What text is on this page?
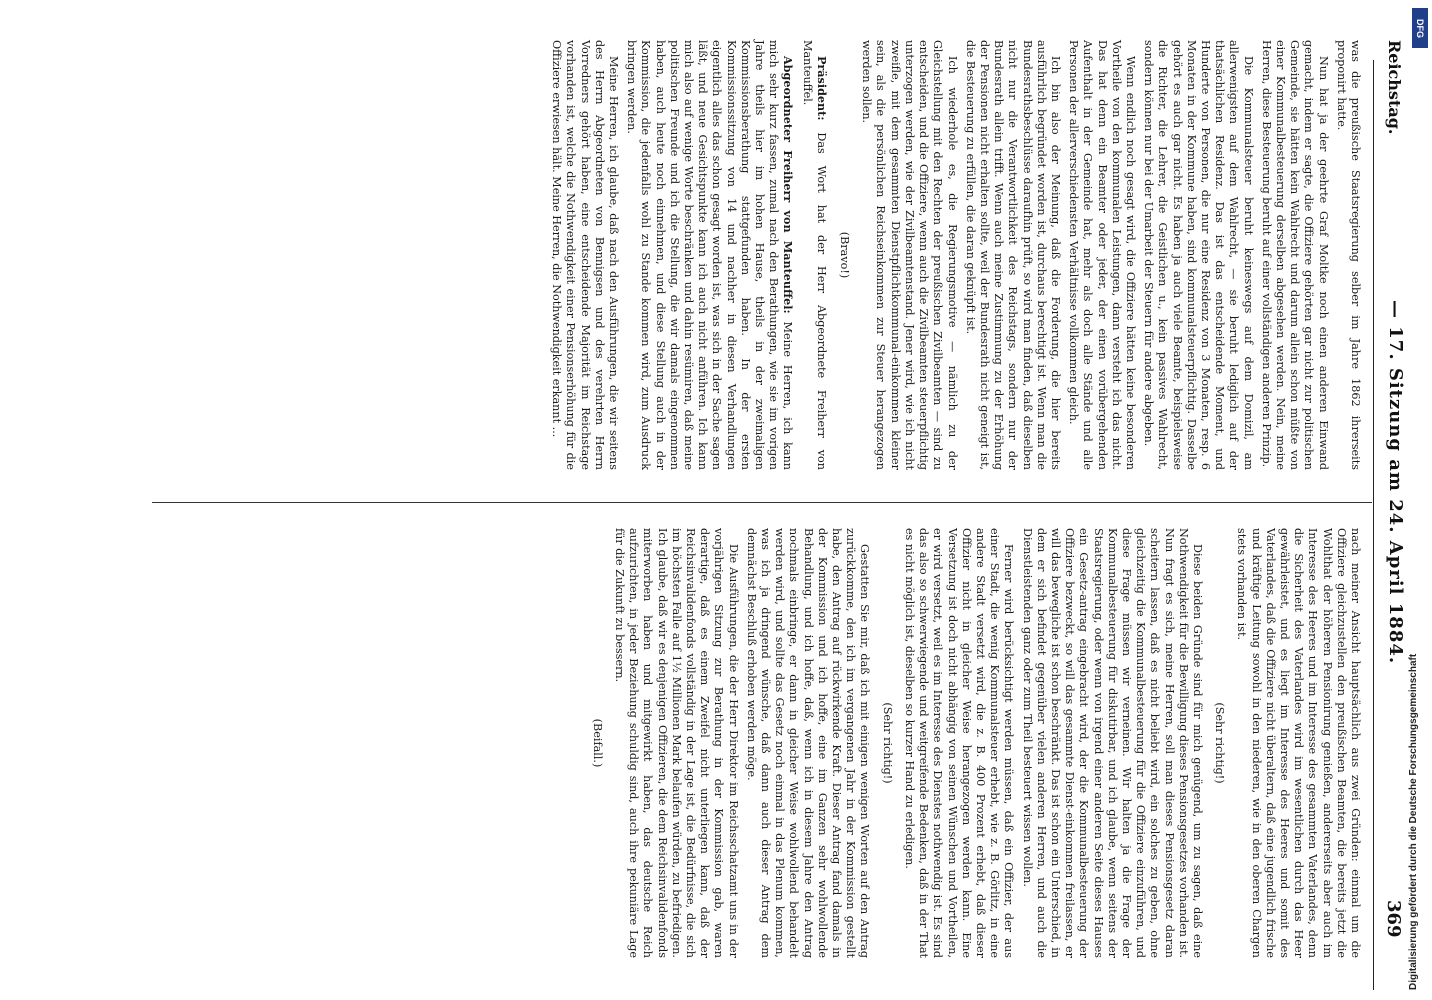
Reichstag.
— 17. Sitzung am 24. April 1884.
369

was die preußische Staatsregierung selber im Jahre 1862 ihrerseits proponirt hatte.

Nun hat ja der geehrte Graf Moltke noch einen anderen Einwand gemacht, indem er sagte, die Offiziere gehörten gar nicht zur politischen Gemeinde, sie hätten kein Wahlrecht und darum allein schon müßte von einer Kommunalbesteuerung derselben abgesehen werden. Nein, meine Herren, diese Besteuerung beruht auf einer vollständigen anderen Prinzip.

Die Kommunalsteuer beruht keineswegs auf dem Domizil, am allerwenigsten auf dem Wahlrecht, — sie beruht lediglich auf der thatsächlichen Residenz. Das ist das entscheidende Moment, und Hunderte von Personen, die nur eine Residenz von 3 Monaten, resp. 6 Monaten in der Kommune haben, sind kommunalsteuerpflichtig. Dasselbe gehört es auch gar nicht. Es haben ja auch viele Beamte, beispielsweise die Richter, die Lehrer, die Geistlichen u., kein passives Wahlrecht, sondern können nur bei der Umarbeit der Steuern für andere abgeben.

Wenn endlich noch gesagt wird, die Offiziere hätten keine besonderen Vortheile von den kommunalen Leistungen, dann versteht ich das nicht. Das hat denn ein Beamter oder jeder, der einen vorübergehenden Aufenthalt in der Gemeinde hat, mehr als doch alle Stände und alle Personen der allerverschiedensten Verhältnisse vollkommen gleich.

Ich bin also der Meinung, daß die Forderung, die hier bereits ausführlich begründet worden ist, durchaus berechtigt ist. Wenn man die Bundesrathsbeschlüsse daraufhin prüft, so wird man finden, daß dieselben nicht nur die Verantwortlichkeit des Reichstags, sondern nur der Bundesrath allein trifft. Wenn auch meine Zustimmung zu der Erhöhung der Pensionen nicht erhalten sollte, weil der Bundesrath nicht geneigt ist, die Besteuerung zu erfüllen, die daran geknüpft ist.

Ich wiederhole es, die Regierungsmotive — nämlich zu der Gleichstellung mit den Rechten der preußischen Zivilbeamten — sind zu entscheiden, und die Offiziere, wenn auch die Zivilbeamten steuerpflichtig unterzogen werden, wie der Zivilbeamtenstand. Jener wird, wie ich nicht zweifle, mit dem gesammten Dienstpflichtkommunal-einkommen kleiner sein, als die persönlichen Reichseinkommen zur Steuer herangezogen werden sollen.

(Bravo!)

Präsident: Das Wort hat der Herr Abgeordnete Freiherr von Manteuffel.

Abgeordneter Freiherr von Manteuffel: Meine Herren, ich kann mich sehr kurz fassen, zumal nach den Berathungen, wie sie im vorigen Jahre theils hier im hohen Hause, theils in der zweimaligen Kommissionsberathung stattgefunden haben. In der ersten Kommissionssitzung von 14 und nachher in diesen Verhandlungen eigentlich alles das schon gesagt worden ist, was sich in der Sache sagen läßt, und neue Gesichtspunkte kann ich auch nicht anführen. Ich kann mich also auf wenige Worte beschränken und dahin resümiren, daß meine politischen Freunde und ich die Stellung, die wir damals eingenommen haben, auch heute noch einnehmen, und diese Stellung auch in der Kommission, die jedenfalls wohl zu Stande kommen wird, zum Ausdruck bringen werden.

Meine Herren, ich glaube, daß nach den Ausführungen, die wir seitens des Herrn Abgeordneten von Bennigsen und des verehrten Herrn Vorredners gehört haben, eine entscheidende Majorität im Reichstage vorhanden ist, welche die Nothwendigkeit einer Pensionserhöhung für die Offiziere erwiesen hält. Meine Herren, die Nothwendigkeit erkannt ...

nach meiner Ansicht hauptsächlich aus zwei Gründen: einmal um die Offiziere gleichzustellen den preußischen Beamten, die bereits jetzt die Wohlthat der höheren Pensionirung genießen, andererseits aber auch im Interesse des Heeres und im Interesse des gesammten Vaterlandes, denn die Sicherheit des Vaterlandes wird im wesentlichen durch das Heer gewährleistet, und es liegt im Interesse des Heeres und somit des Vaterlandes, daß die Offiziere nicht überaltern, daß eine jugendlich frische und kräftige Leitung sowohl in den niederen, wie in den oberen Chargen stets vorhanden ist.

(Sehr richtig!)

Diese beiden Gründe sind für mich genügend, um zu sagen, daß eine Nothwendigkeit für die Bewilligung dieses Pensionsgesetzes vorhanden ist. Nun fragt es sich, meine Herren, soll man dieses Pensionsgesetz daran scheitern lassen, daß es nicht beliebt wird, ein solches zu geben, ohne gleichzeitig die Kommunalbesteuerung für die Offiziere einzuführen, und diese Frage müssen wir verneinen. Wir halten ja die Frage der Kommunalbesteuerung für diskutirbar, und ich glaube, wenn seitens der Staatsregierung, oder wenn von irgend einer anderen Seite dieses Hauses ein Gesetz-antrag eingebracht wird, der die Kommunalbesteuerung der Offiziere bezweckt, so will das gesammte Dienst-einkommen freilassen, er will das bewegliche ist schon beschränkt. Das ist schon ein Unterschied, in dem er sich befindet gegenüber vielen anderen Herren, und auch die Dienstleistenden ganz oder zum Theil besteuert wissen wollen.

Ferner wird berücksichtigt werden müssen, daß ein Offizier, der aus einer Stadt, die wenig Kommunalsteuer erhebt, wie z. B. Görlitz, in eine andere Stadt versetzt wird, die z. B. 400 Prozent erhebt, daß dieser Offizier nicht in gleicher Weise herangezogen werden kann. Eine Versetzung ist doch nicht abhängig von seinen Wünschen und Vortheilen, er wird versetzt, weil es im Interesse des Dienstes nothwendig ist. Es sind das also so schwerwiegende und weitgreifende Bedenken, daß in der That es nicht möglich ist, dieselben so kurzer Hand zu erledigen.

(Sehr richtig!)

Gestatten Sie mir, daß ich mit einigen wenigen Worten auf den Antrag zurückkomme, den ich im vergangenen Jahr in der Kommission gestellt habe, den Antrag auf rückwirkende Kraft. Dieser Antrag fand damals in der Kommission und ich hoffe, eine im Ganzen sehr wohlwollende Behandlung, und ich hoffe, daß, wenn ich in diesem Jahre den Antrag nochmals einbringe, er dann in gleicher Weise wohlwollend behandelt werden wird, und sollte das Gesetz noch einmal in das Plenum kommen, was ich ja dringend wünsche, daß dann auch dieser Antrag dem demnächst Beschluß erhoben werden möge.

Die Ausführungen, die der Herr Direktor im Reichsschatzamt uns in der vorjährigen Sitzung zur Berathung in der Kommission gab, waren derartige, daß es einem Zweifel nicht unterliegen kann, daß der Reichsinvalidenfonds vollständig in der Lage ist, die Bedürfnisse, die sich im höchsten Falle auf 1½ Millionen Mark belaufen würden, zu befriedigen. Ich glaube, daß wir es denjenigen Offizieren, die dem Reichsinvalidenfonds miterworben haben und mitgewirkt haben, das deutsche Reich aufzurichten, in jeder Beziehung schuldig sind, auch ihre pekuniäre Lage für die Zukunft zu bessern.

(Beifall.)	Digitalisierung gefördert durch die Deutsche Forschungsgemeinschaft
DFG
